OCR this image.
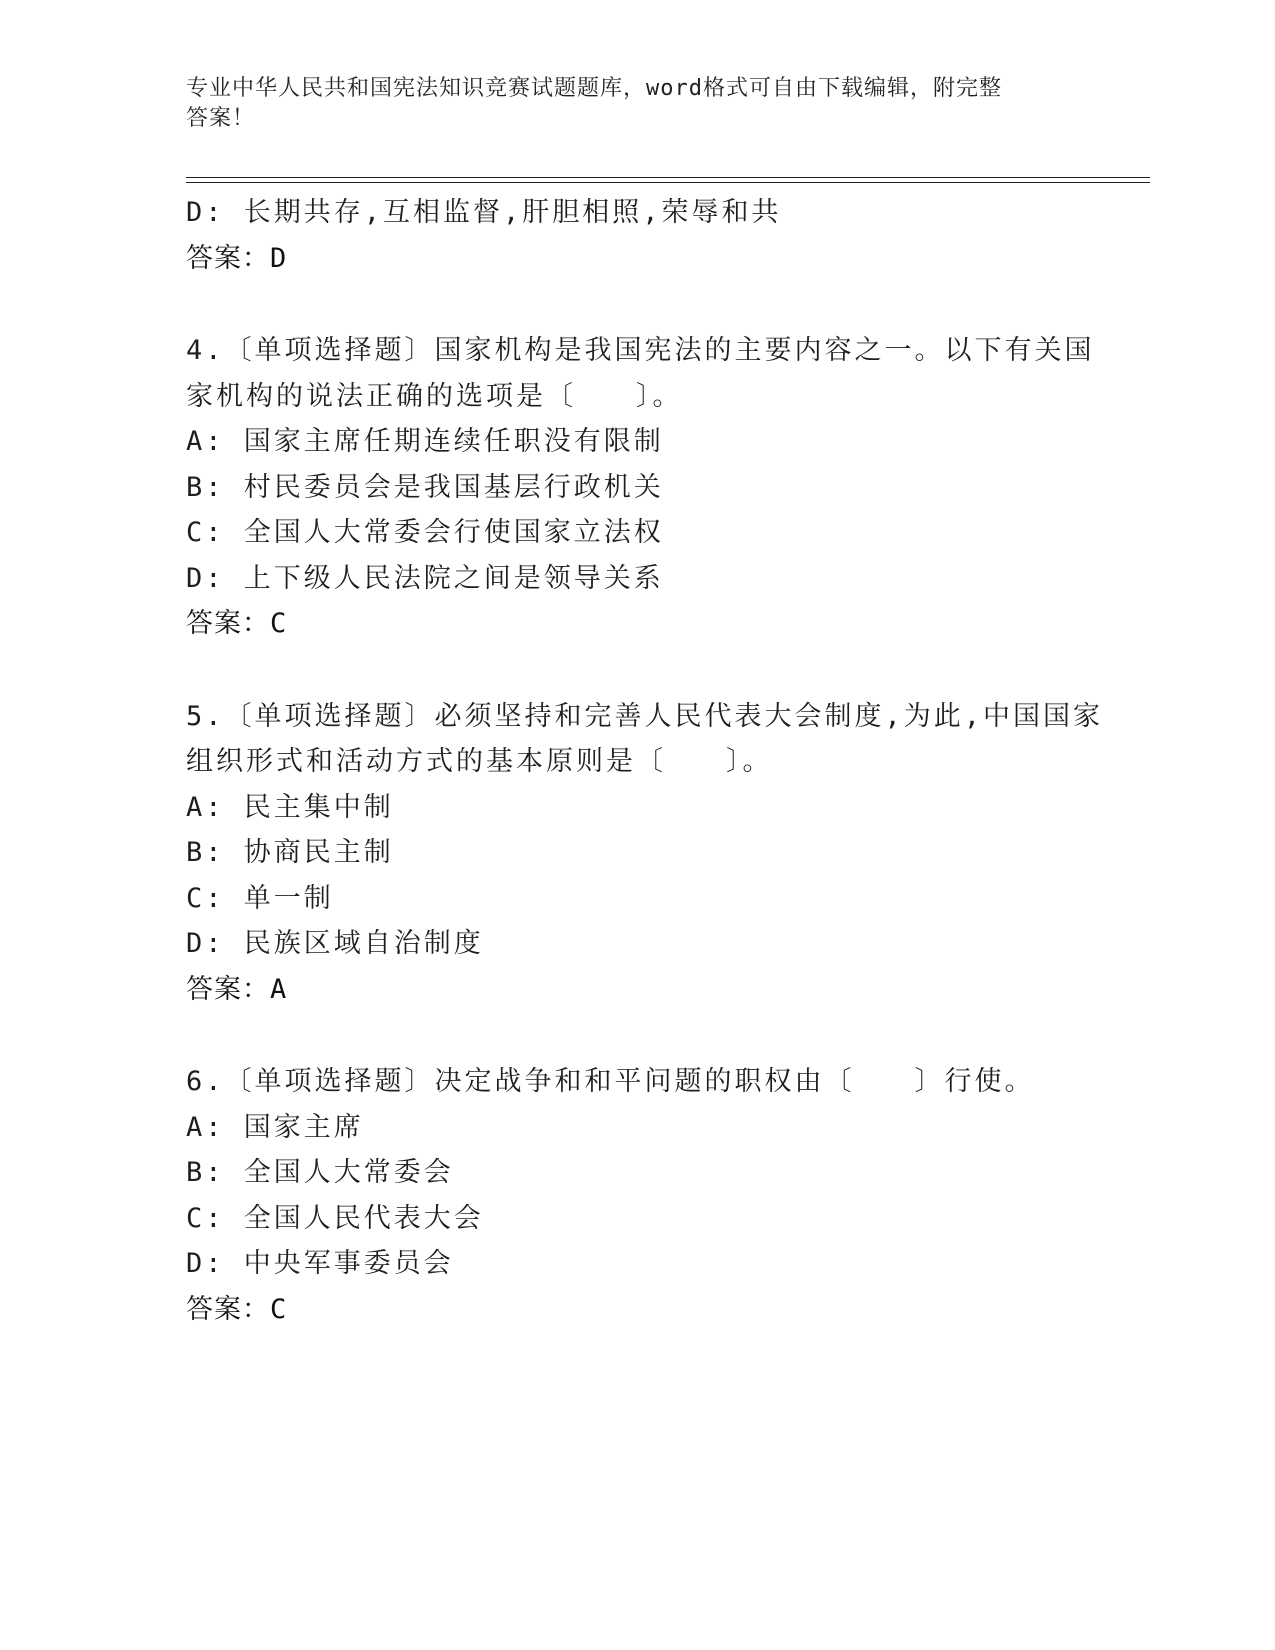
专业中华人民共和国宪法知识竞赛试题题库，word格式可自由下载编辑，附完整
答案！
D: 长期共存,互相监督,肝胆相照,荣辱和共
答案：D
4.〔单项选择题〕国家机构是我国宪法的主要内容之一。以下有关国
家机构的说法正确的选项是〔　　〕。
A: 国家主席任期连续任职没有限制
B: 村民委员会是我国基层行政机关
C: 全国人大常委会行使国家立法权
D: 上下级人民法院之间是领导关系
答案：C
5.〔单项选择题〕必须坚持和完善人民代表大会制度,为此,中国国家
组织形式和活动方式的基本原则是〔　　〕。
A: 民主集中制
B: 协商民主制
C: 单一制
D: 民族区域自治制度
答案：A
6.〔单项选择题〕决定战争和和平问题的职权由〔　　〕行使。
A: 国家主席
B: 全国人大常委会
C: 全国人民代表大会
D: 中央军事委员会
答案：C
